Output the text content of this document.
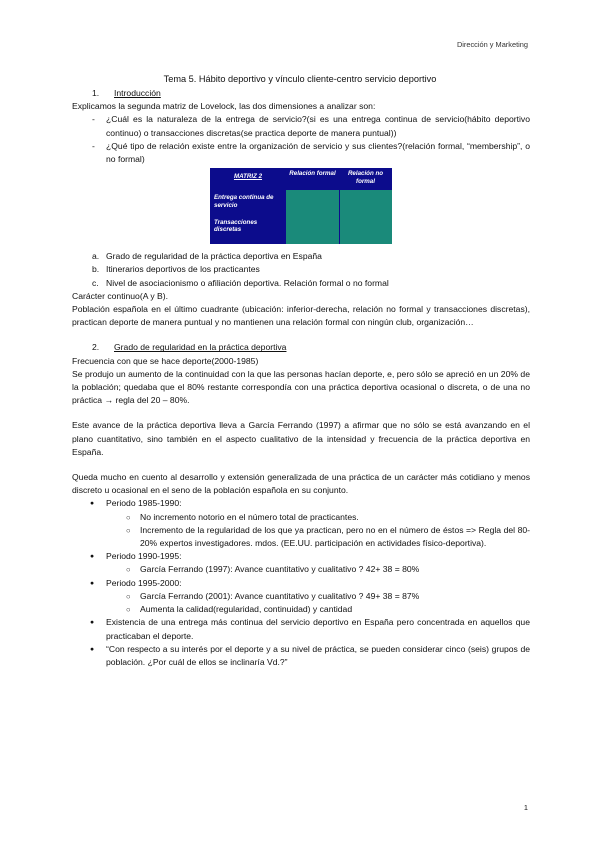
Dirección y Marketing
Tema 5. Hábito deportivo y vínculo cliente-centro servicio deportivo
1. Introducción
Explicamos la segunda matriz de Lovelock, las dos dimensiones a analizar son:
- ¿Cuál es la naturaleza de la entrega de servicio?(si es una entrega continua de servicio(hábito deportivo continuo) o transacciones discretas(se practica deporte de manera puntual))
- ¿Qué tipo de relación existe entre la organización de servicio y sus clientes?(relación formal, “membership”, o no formal)
MATRIZ 2	Relación formal	Relación no formal
Entrega continua de servicio
Transacciones discretas
a. Grado de regularidad de la práctica deportiva en España
b. Itinerarios deportivos de los practicantes
c. Nivel de asociacionismo o afiliación deportiva. Relación formal o no formal
Carácter continuo(A y B).
Población española en el último cuadrante (ubicación: inferior-derecha, relación no formal y transacciones discretas), practican deporte de manera puntual y no mantienen una relación formal con ningún club, organización…
2. Grado de regularidad en la práctica deportiva
Frecuencia con que se hace deporte(2000-1985)
Se produjo un aumento de la continuidad con la que las personas hacían deporte, e, pero sólo se apreció en un 20% de la población; quedaba que el 80% restante correspondía con una práctica deportiva ocasional o discreta, o de una no práctica → regla del 20 – 80%.
Este avance de la práctica deportiva lleva a García Ferrando (1997) a afirmar que no sólo se está avanzando en el plano cuantitativo, sino también en el aspecto cualitativo de la intensidad y frecuencia de la práctica deportiva en España.
Queda mucho en cuento al desarrollo y extensión generalizada de una práctica de un carácter más cotidiano y menos discreto u ocasional en el seno de la población española en su conjunto.
● Periodo 1985-1990:
○ No incremento notorio en el número total de practicantes.
○ Incremento de la regularidad de los que ya practican, pero no en el número de éstos => Regla del 80-20% expertos investigadores. mdos. (EE.UU. participación en actividades físico-deportiva).
● Periodo 1990-1995:
○ García Ferrando (1997): Avance cuantitativo y cualitativo ? 42+ 38 = 80%
● Periodo 1995-2000:
○ García Ferrando (2001): Avance cuantitativo y cualitativo ? 49+ 38 = 87%
○ Aumenta la calidad(regularidad, continuidad) y cantidad
● Existencia de una entrega más continua del servicio deportivo en España pero concentrada en aquellos que practicaban el deporte.
● “Con respecto a su interés por el deporte y a su nivel de práctica, se pueden considerar cinco (seis) grupos de población. ¿Por cuál de ellos se inclinaría Vd.?”
1
